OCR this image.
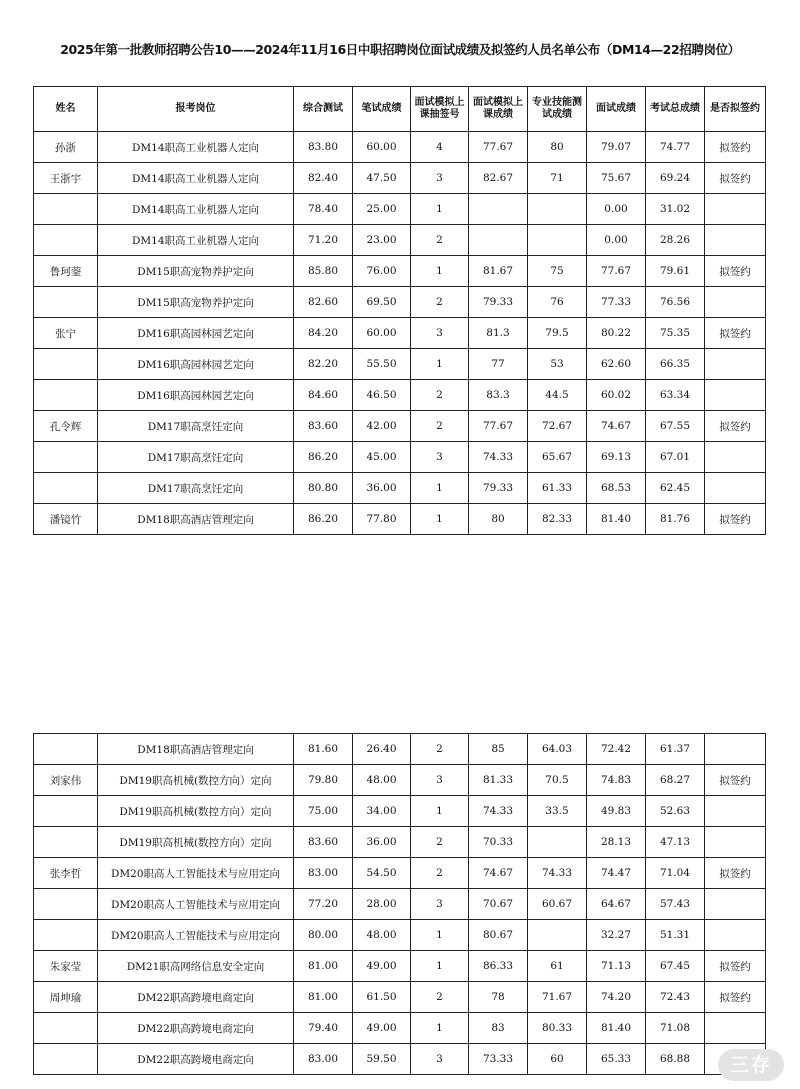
2025年第一批教师招聘公告10——2024年11月16日中职招聘岗位面试成绩及拟签约人员名单公布（DM14—22招聘岗位）
姓名	报考岗位	综合测试	笔试成绩	面试模拟上课抽签号	面试模拟上课成绩	专业技能测试成绩	面试成绩	考试总成绩	是否拟签约
孙浙	DM14职高工业机器人定向	83.80	60.00	4	77.67	80	79.07	74.77	拟签约
王浙宇	DM14职高工业机器人定向	82.40	47.50	3	82.67	71	75.67	69.24	拟签约
	DM14职高工业机器人定向	78.40	25.00	1			0.00	31.02	
	DM14职高工业机器人定向	71.20	23.00	2			0.00	28.26	
鲁珂蓥	DM15职高宠物养护定向	85.80	76.00	1	81.67	75	77.67	79.61	拟签约
	DM15职高宠物养护定向	82.60	69.50	2	79.33	76	77.33	76.56	
张宁	DM16职高园林园艺定向	84.20	60.00	3	81.3	79.5	80.22	75.35	拟签约
	DM16职高园林园艺定向	82.20	55.50	1	77	53	62.60	66.35	
	DM16职高园林园艺定向	84.60	46.50	2	83.3	44.5	60.02	63.34	
孔令辉	DM17职高烹饪定向	83.60	42.00	2	77.67	72.67	74.67	67.55	拟签约
	DM17职高烹饪定向	86.20	45.00	3	74.33	65.67	69.13	67.01	
	DM17职高烹饪定向	80.80	36.00	1	79.33	61.33	68.53	62.45	
潘镜竹	DM18职高酒店管理定向	86.20	77.80	1	80	82.33	81.40	81.76	拟签约
	DM18职高酒店管理定向	81.60	26.40	2	85	64.03	72.42	61.37	
刘家伟	DM19职高机械(数控方向）定向	79.80	48.00	3	81.33	70.5	74.83	68.27	拟签约
	DM19职高机械(数控方向）定向	75.00	34.00	1	74.33	33.5	49.83	52.63	
	DM19职高机械(数控方向）定向	83.60	36.00	2	70.33		28.13	47.13	
张李哲	DM20职高人工智能技术与应用定向	83.00	54.50	2	74.67	74.33	74.47	71.04	拟签约
	DM20职高人工智能技术与应用定向	77.20	28.00	3	70.67	60.67	64.67	57.43	
	DM20职高人工智能技术与应用定向	80.00	48.00	1	80.67		32.27	51.31	
朱家莹	DM21职高网络信息安全定向	81.00	49.00	1	86.33	61	71.13	67.45	拟签约
周坤瑜	DM22职高跨境电商定向	81.00	61.50	2	78	71.67	74.20	72.43	拟签约
	DM22职高跨境电商定向	79.40	49.00	1	83	80.33	81.40	71.08	
	DM22职高跨境电商定向	83.00	59.50	3	73.33	60	65.33	68.88		三存
